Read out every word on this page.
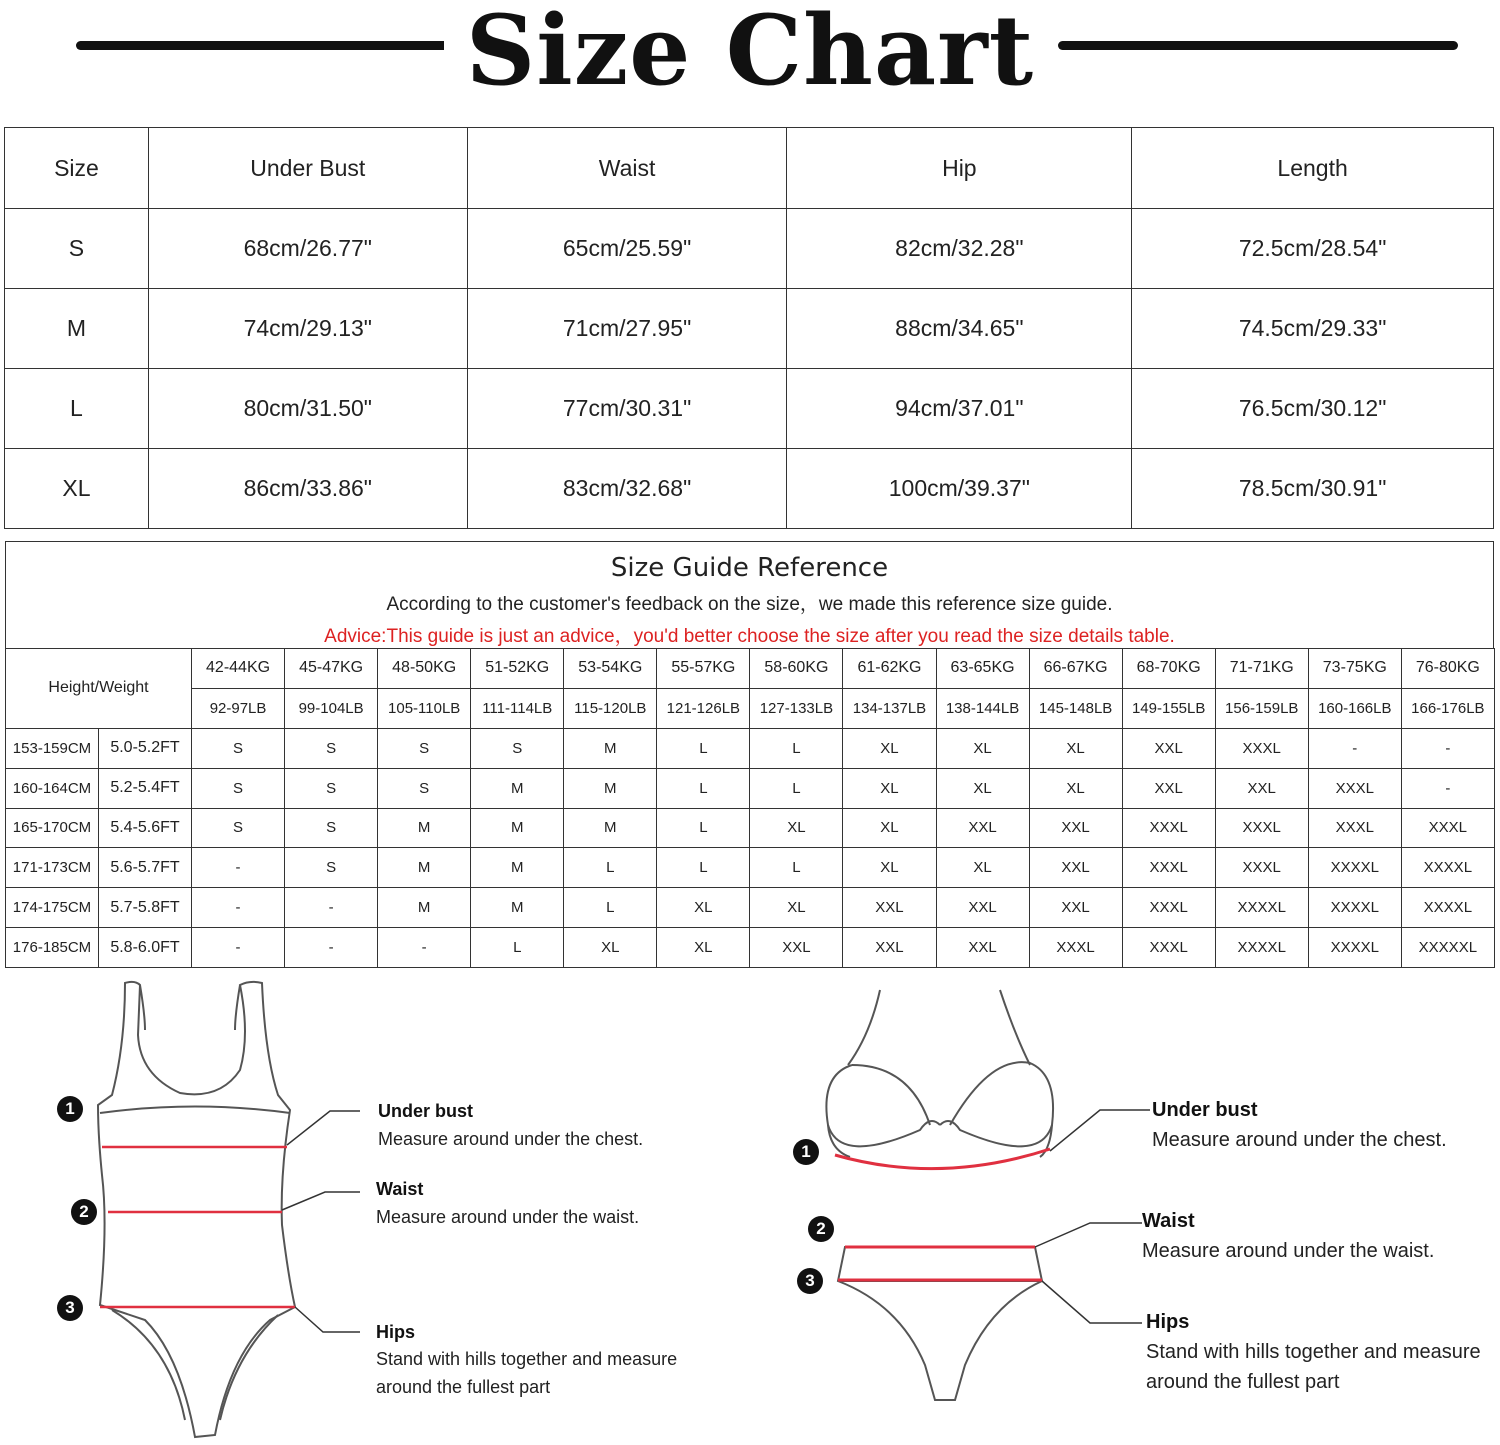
Size Chart
Size	Under Bust	Waist	Hip	Length
S	68cm/26.77"	65cm/25.59"	82cm/32.28"	72.5cm/28.54"
M	74cm/29.13"	71cm/27.95"	88cm/34.65"	74.5cm/29.33"
L	80cm/31.50"	77cm/30.31"	94cm/37.01"	76.5cm/30.12"
XL	86cm/33.86"	83cm/32.68"	100cm/39.37"	78.5cm/30.91"
Size Guide Reference
According to the customer's feedback on the size，we made this reference size guide.
Advice:This guide is just an advice，you'd better choose the size after you read the size details table.
Height/Weight		42-44KG	45-47KG	48-50KG	51-52KG	53-54KG	55-57KG	58-60KG	61-62KG	63-65KG	66-67KG	68-70KG	71-71KG	73-75KG	76-80KG
		92-97LB	99-104LB	105-110LB	111-114LB	115-120LB	121-126LB	127-133LB	134-137LB	138-144LB	145-148LB	149-155LB	156-159LB	160-166LB	166-176LB
153-159CM	5.0-5.2FT	S	S	S	S	M	L	L	XL	XL	XL	XXL	XXXL	-	-
160-164CM	5.2-5.4FT	S	S	S	M	M	L	L	XL	XL	XL	XXL	XXL	XXXL	-
165-170CM	5.4-5.6FT	S	S	M	M	M	L	XL	XL	XXL	XXL	XXXL	XXXL	XXXL	XXXL
171-173CM	5.6-5.7FT	-	S	M	M	L	L	L	XL	XL	XXL	XXXL	XXXL	XXXXL	XXXXL
174-175CM	5.7-5.8FT	-	-	M	M	L	XL	XL	XXL	XXL	XXL	XXXL	XXXXL	XXXXL	XXXXL
176-185CM	5.8-6.0FT	-	-	-	L	XL	XL	XXL	XXL	XXL	XXXL	XXXL	XXXXL	XXXXL	XXXXXL
1
2
3
Under bust
Measure around under the chest.
Waist
Measure around under the waist.
Hips
Stand with hills together and measure
around the fullest part
1
2
3
Under bust
Measure around under the chest.
Waist
Measure around under the waist.
Hips
Stand with hills together and measure
around the fullest part
